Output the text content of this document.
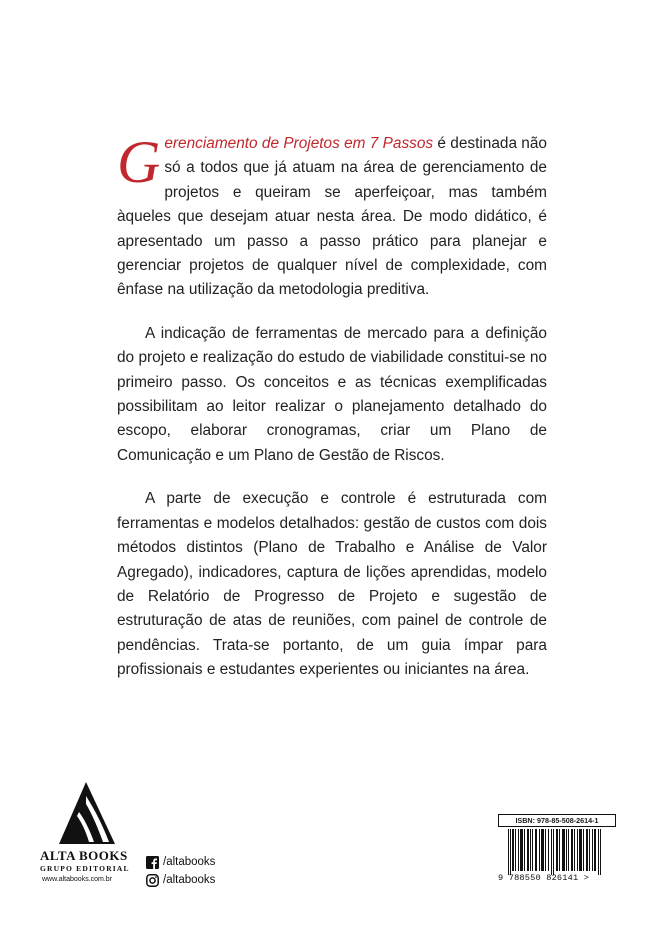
Gerenciamento de Projetos em 7 Passos é destinada não só a todos que já atuam na área de gerenciamento de projetos e queiram se aperfeiçoar, mas também àqueles que desejam atuar nesta área. De modo didático, é apresentado um passo a passo prático para planejar e gerenciar projetos de qualquer nível de complexidade, com ênfase na utilização da metodologia preditiva.

A indicação de ferramentas de mercado para a definição do projeto e realização do estudo de viabilidade constitui-se no primeiro passo. Os conceitos e as técnicas exemplificadas possibilitam ao leitor realizar o planejamento detalhado do escopo, elaborar cronogramas, criar um Plano de Comunicação e um Plano de Gestão de Riscos.

A parte de execução e controle é estruturada com ferramentas e modelos detalhados: gestão de custos com dois métodos distintos (Plano de Trabalho e Análise de Valor Agregado), indicadores, captura de lições aprendidas, modelo de Relatório de Progresso de Projeto e sugestão de estruturação de atas de reuniões, com painel de controle de pendências. Trata-se portanto, de um guia ímpar para profissionais e estudantes experientes ou iniciantes na área.

ALTA BOOKS
GRUPO EDITORIAL
www.altabooks.com.br
/altabooks
/altabooks
ISBN: 978-85-508-2614-1
9 788550 826141 >
